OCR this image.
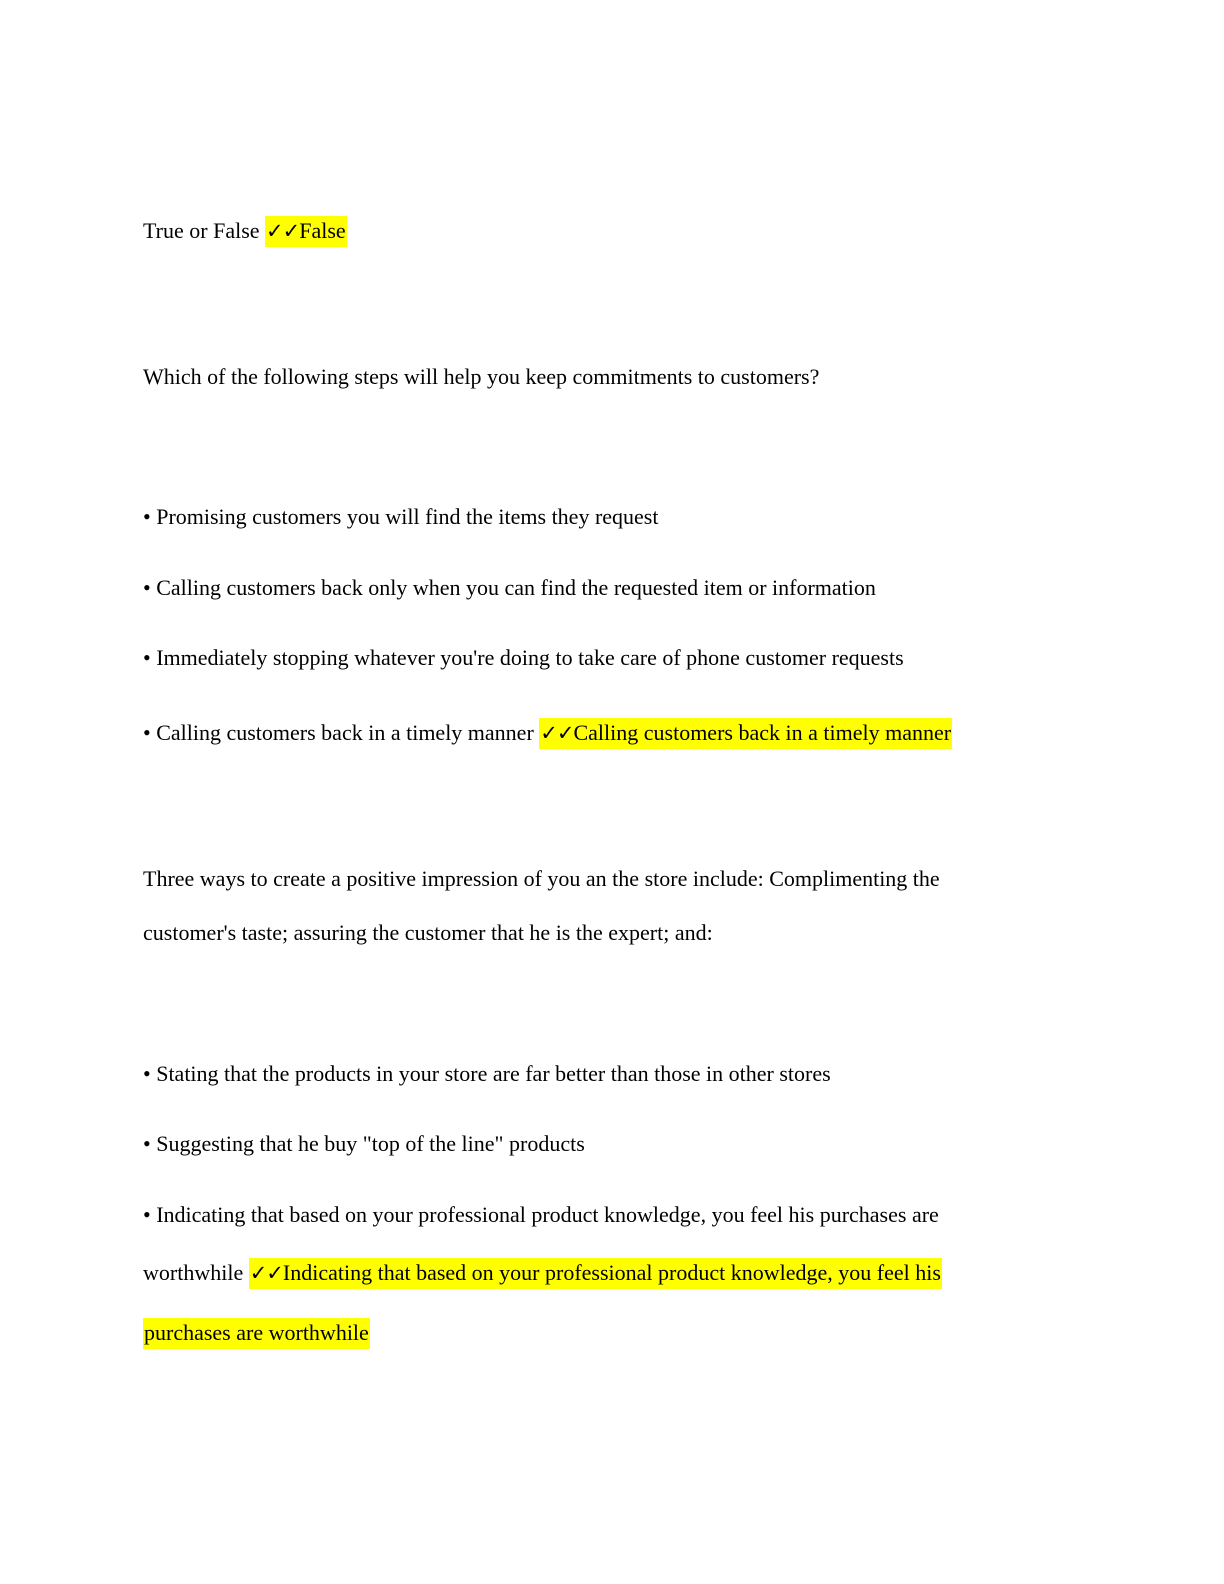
True or False ✓✓False

Which of the following steps will help you keep commitments to customers?

• Promising customers you will find the items they request

• Calling customers back only when you can find the requested item or information

• Immediately stopping whatever you're doing to take care of phone customer requests

• Calling customers back in a timely manner ✓✓Calling customers back in a timely manner

Three ways to create a positive impression of you an the store include: Complimenting the

customer's taste; assuring the customer that he is the expert; and:

• Stating that the products in your store are far better than those in other stores

• Suggesting that he buy "top of the line" products

• Indicating that based on your professional product knowledge, you feel his purchases are

worthwhile ✓✓Indicating that based on your professional product knowledge, you feel his

purchases are worthwhile
